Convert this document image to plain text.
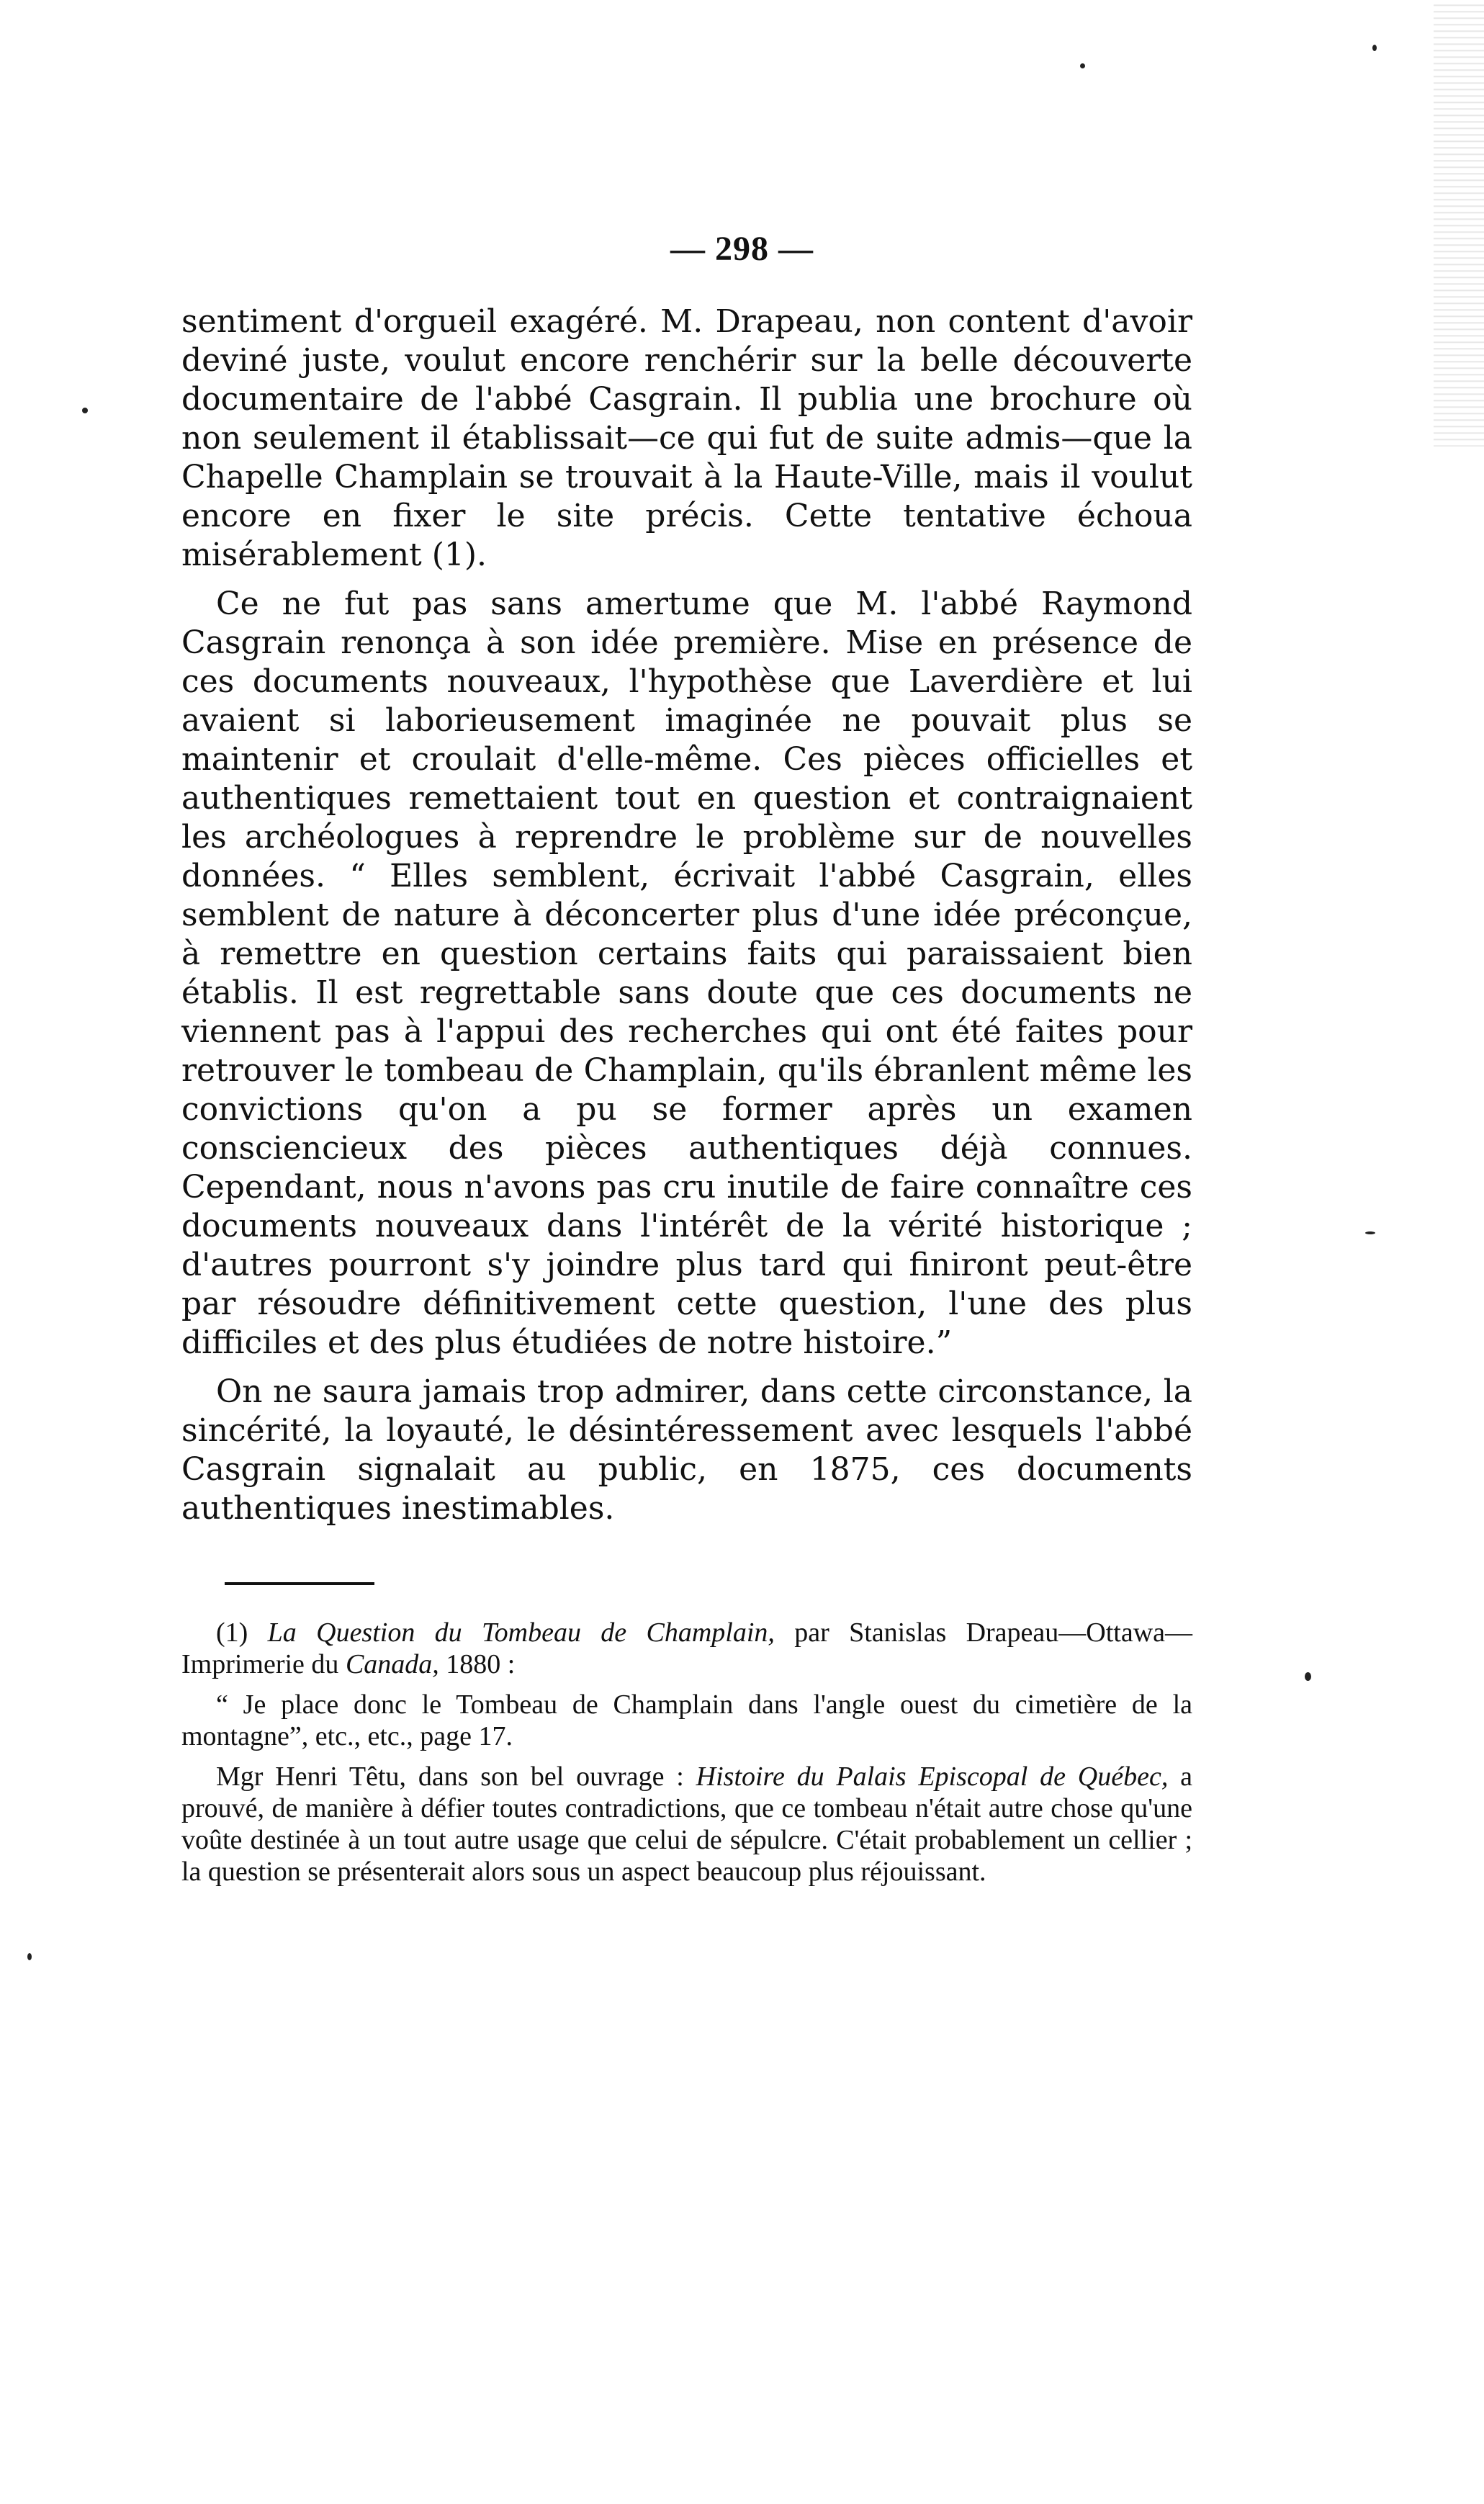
— 298 —

sentiment d'orgueil exagéré. M. Drapeau, non content d'avoir deviné juste, voulut encore renchérir sur la belle découverte documentaire de l'abbé Casgrain. Il publia une brochure où non seulement il établissait—ce qui fut de suite admis—que la Chapelle Champlain se trouvait à la Haute-Ville, mais il voulut encore en fixer le site précis. Cette tentative échoua misérablement (1).

Ce ne fut pas sans amertume que M. l'abbé Raymond Casgrain renonça à son idée première. Mise en présence de ces documents nouveaux, l'hypothèse que Laverdière et lui avaient si laborieusement imaginée ne pouvait plus se maintenir et croulait d'elle-même. Ces pièces officielles et authentiques remettaient tout en question et contraignaient les archéologues à reprendre le problème sur de nouvelles données. “ Elles semblent, écrivait l'abbé Casgrain, elles semblent de nature à déconcerter plus d'une idée préconçue, à remettre en question certains faits qui paraissaient bien établis. Il est regrettable sans doute que ces documents ne viennent pas à l'appui des recherches qui ont été faites pour retrouver le tombeau de Champlain, qu'ils ébranlent même les convictions qu'on a pu se former après un examen consciencieux des pièces authentiques déjà connues. Cependant, nous n'avons pas cru inutile de faire connaître ces documents nouveaux dans l'intérêt de la vérité historique ; d'autres pourront s'y joindre plus tard qui finiront peut-être par résoudre définitivement cette question, l'une des plus difficiles et des plus étudiées de notre histoire.”

On ne saura jamais trop admirer, dans cette circonstance, la sincérité, la loyauté, le désintéressement avec lesquels l'abbé Casgrain signalait au public, en 1875, ces documents authentiques inestimables.

(1) La Question du Tombeau de Champlain, par Stanislas Drapeau—Ottawa—Imprimerie du Canada, 1880 :

“ Je place donc le Tombeau de Champlain dans l'angle ouest du cimetière de la montagne”, etc., etc., page 17.

Mgr Henri Têtu, dans son bel ouvrage : Histoire du Palais Episcopal de Québec, a prouvé, de manière à défier toutes contradictions, que ce tombeau n'était autre chose qu'une voûte destinée à un tout autre usage que celui de sépulcre. C'était probablement un cellier ; la question se présenterait alors sous un aspect beaucoup plus réjouissant.
